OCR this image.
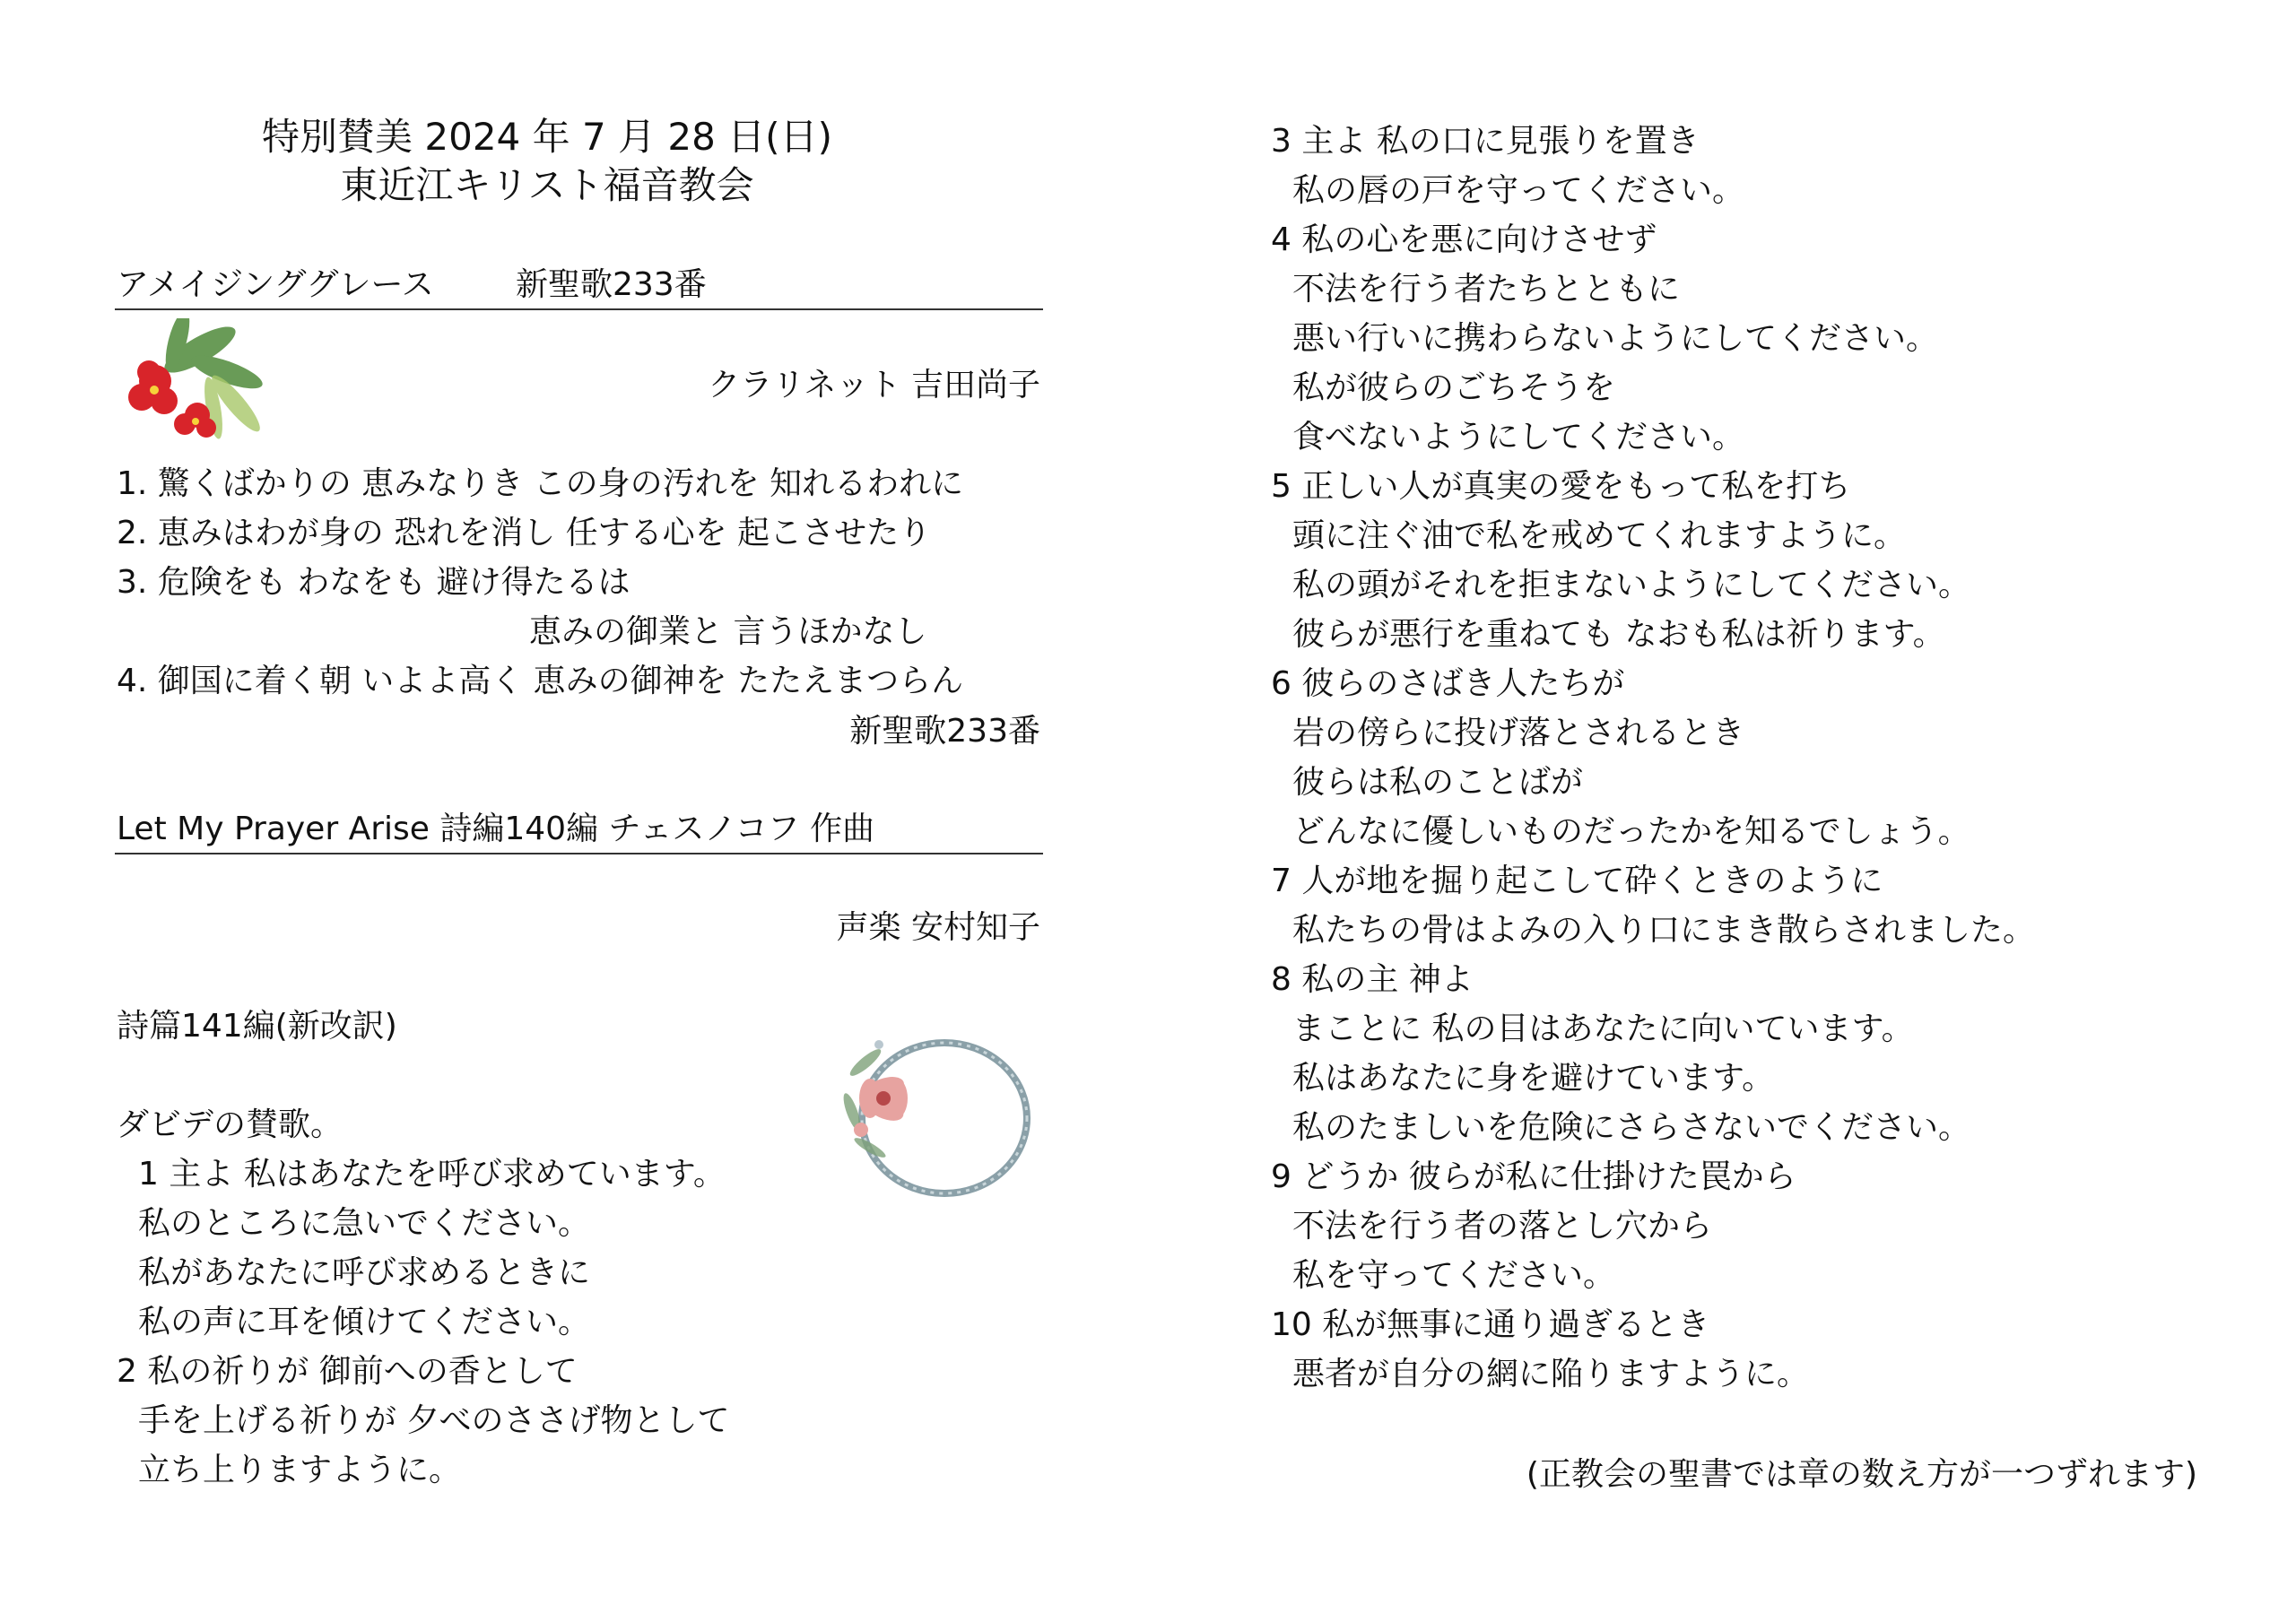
特別賛美 2024 年 7 月 28 日(日)
東近江キリスト福音教会
アメイジンググレース	新聖歌233番
クラリネット 吉田尚子
1. 驚くばかりの 恵みなりき この身の汚れを 知れるわれに
2. 恵みはわが身の 恐れを消し 任する心を 起こさせたり
3. 危険をも わなをも 避け得たるは
恵みの御業と 言うほかなし
4. 御国に着く朝 いよよ高く 恵みの御神を たたえまつらん
新聖歌233番
Let My Prayer Arise 詩編140編 チェスノコフ 作曲
声楽 安村知子
詩篇141編(新改訳)
ダビデの賛歌。
1 主よ 私はあなたを呼び求めています。
私のところに急いでください。
私があなたに呼び求めるときに
私の声に耳を傾けてください。
2 私の祈りが 御前への香として
手を上げる祈りが 夕べのささげ物として
立ち上りますように。
3 主よ 私の口に見張りを置き
私の唇の戸を守ってください。
4 私の心を悪に向けさせず
不法を行う者たちとともに
悪い行いに携わらないようにしてください。
私が彼らのごちそうを
食べないようにしてください。
5 正しい人が真実の愛をもって私を打ち
頭に注ぐ油で私を戒めてくれますように。
私の頭がそれを拒まないようにしてください。
彼らが悪行を重ねても なおも私は祈ります。
6 彼らのさばき人たちが
岩の傍らに投げ落とされるとき
彼らは私のことばが
どんなに優しいものだったかを知るでしょう。
7 人が地を掘り起こして砕くときのように
私たちの骨はよみの入り口にまき散らされました。
8 私の主 神よ
まことに 私の目はあなたに向いています。
私はあなたに身を避けています。
私のたましいを危険にさらさないでください。
9 どうか 彼らが私に仕掛けた罠から
不法を行う者の落とし穴から
私を守ってください。
10 私が無事に通り過ぎるとき
悪者が自分の網に陥りますように。
(正教会の聖書では章の数え方が一つずれます)
